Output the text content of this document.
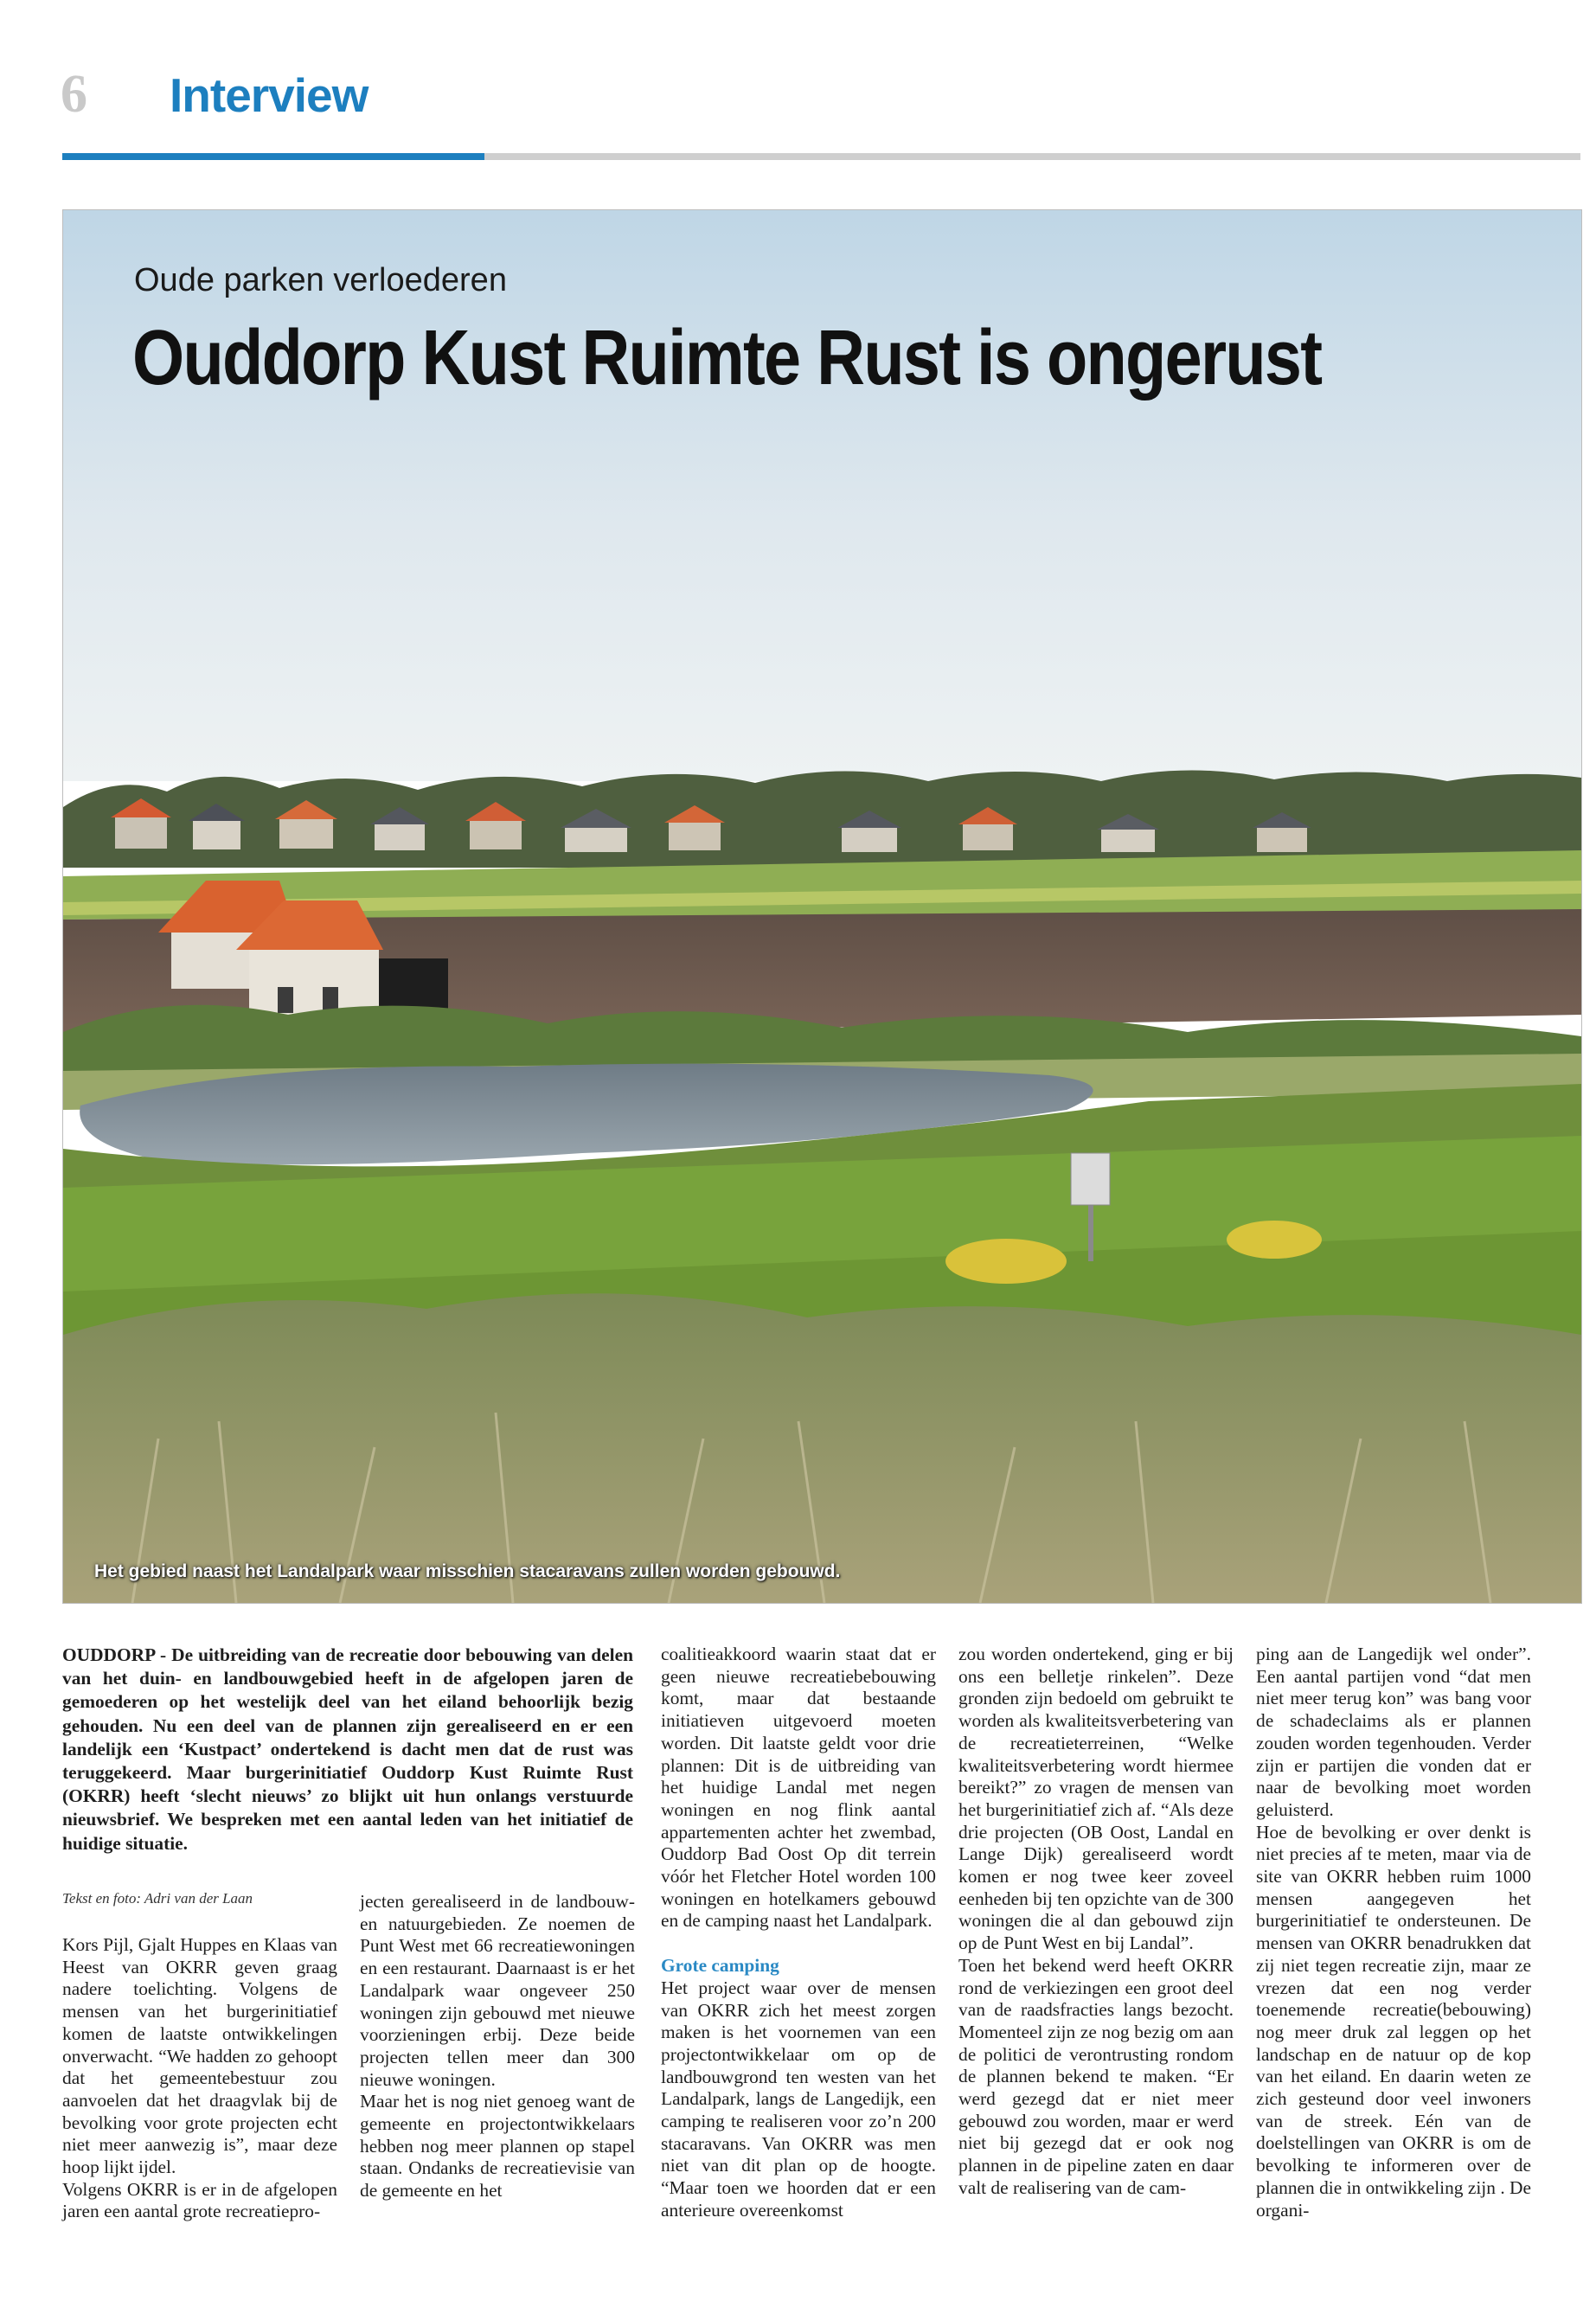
6 Interview
Oude parken verloederen
Ouddorp Kust Ruimte Rust is ongerust
Het gebied naast het Landalpark waar misschien stacaravans zullen worden gebouwd.
OUDDORP - De uitbreiding van de recreatie door bebouwing van delen van het duin- en landbouwgebied heeft in de afgelopen jaren de gemoederen op het westelijk deel van het eiland behoorlijk bezig gehouden. Nu een deel van de plannen zijn gerealiseerd en er een landelijk een ‘Kustpact’ ondertekend is dacht men dat de rust was teruggekeerd. Maar burgerinitiatief Ouddorp Kust Ruimte Rust (OKRR) heeft ‘slecht nieuws’ zo blijkt uit hun onlangs verstuurde nieuwsbrief. We bespreken met een aantal leden van het initiatief de huidige situatie.
Tekst en foto: Adri van der Laan

Kors Pijl, Gjalt Huppes en Klaas van Heest van OKRR geven graag nadere toelichting. Volgens de mensen van het burgerinitiatief komen de laatste ontwikkelingen onverwacht. “We hadden zo gehoopt dat het gemeentebestuur zou aanvoelen dat het draagvlak bij de bevolking voor grote projecten echt niet meer aanwezig is”, maar deze hoop lijkt ijdel.

Volgens OKRR is er in de afgelopen jaren een aantal grote recreatiepro-

jecten gerealiseerd in de landbouw- en natuurgebieden. Ze noemen de Punt West met 66 recreatiewoningen en een restaurant. Daarnaast is er het Landalpark waar ongeveer 250 woningen zijn gebouwd met nieuwe voorzieningen erbij. Deze beide projecten tellen meer dan 300 nieuwe woningen.

Maar het is nog niet genoeg want de gemeente en projectontwikkelaars hebben nog meer plannen op stapel staan. Ondanks de recreatievisie van de gemeente en het

coalitieakkoord waarin staat dat er geen nieuwe recreatiebebouwing komt, maar dat bestaande initiatieven uitgevoerd moeten worden. Dit laatste geldt voor drie plannen: Dit is de uitbreiding van het huidige Landal met negen woningen en nog flink aantal appartementen achter het zwembad, Ouddorp Bad Oost Op dit terrein vóór het Fletcher Hotel worden 100 woningen en hotelkamers gebouwd en de camping naast het Landalpark.

Grote camping

Het project waar over de mensen van OKRR zich het meest zorgen maken is het voornemen van een projectontwikkelaar om op de landbouwgrond ten westen van het Landalpark, langs de Langedijk, een camping te realiseren voor zo’n 200 stacaravans. Van OKRR was men niet van dit plan op de hoogte. “Maar toen we hoorden dat er een anterieure overeenkomst

zou worden ondertekend, ging er bij ons een belletje rinkelen”. Deze gronden zijn bedoeld om gebruikt te worden als kwaliteitsverbetering van de recreatieterreinen, “Welke kwaliteitsverbetering wordt hiermee bereikt?” zo vragen de mensen van het burgerinitiatief zich af. “Als deze drie projecten (OB Oost, Landal en Lange Dijk) gerealiseerd wordt komen er nog twee keer zoveel eenheden bij ten opzichte van de 300 woningen die al dan gebouwd zijn op de Punt West en bij Landal”.

Toen het bekend werd heeft OKRR rond de verkiezingen een groot deel van de raadsfracties langs bezocht. Momenteel zijn ze nog bezig om aan de politici de verontrusting rondom de plannen bekend te maken. “Er werd gezegd dat er niet meer gebouwd zou worden, maar er werd niet bij gezegd dat er ook nog plannen in de pipeline zaten en daar valt de realisering van de cam-

ping aan de Langedijk wel onder”. Een aantal partijen vond “dat men niet meer terug kon” was bang voor de schadeclaims als er plannen zouden worden tegenhouden. Verder zijn er partijen die vonden dat er naar de bevolking moet worden geluisterd.

Hoe de bevolking er over denkt is niet precies af te meten, maar via de site van OKRR hebben ruim 1000 mensen aangegeven het burgerinitiatief te ondersteunen. De mensen van OKRR benadrukken dat zij niet tegen recreatie zijn, maar ze vrezen dat een nog verder toenemende recreatie(bebouwing) nog meer druk zal leggen op het landschap en de natuur op de kop van het eiland. En daarin weten ze zich gesteund door veel inwoners van de streek. Eén van de doelstellingen van OKRR is om de bevolking te informeren over de plannen die in ontwikkeling zijn . De organi-
